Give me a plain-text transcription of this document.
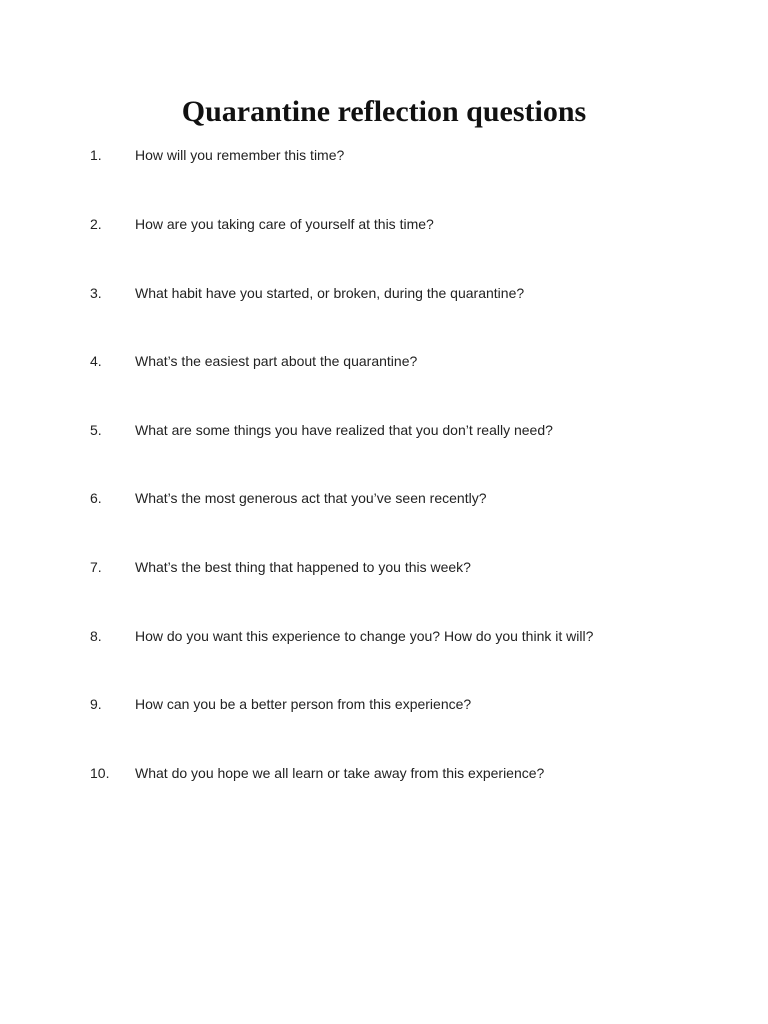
Quarantine reflection questions
1.	How will you remember this time?
2.	How are you taking care of yourself at this time?
3.	What habit have you started, or broken, during the quarantine?
4.	What’s the easiest part about the quarantine?
5.	What are some things you have realized that you don’t really need?
6.	What’s the most generous act that you’ve seen recently?
7.	What’s the best thing that happened to you this week?
8.	How do you want this experience to change you? How do you think it will?
9.	How can you be a better person from this experience?
10.	What do you hope we all learn or take away from this experience?
